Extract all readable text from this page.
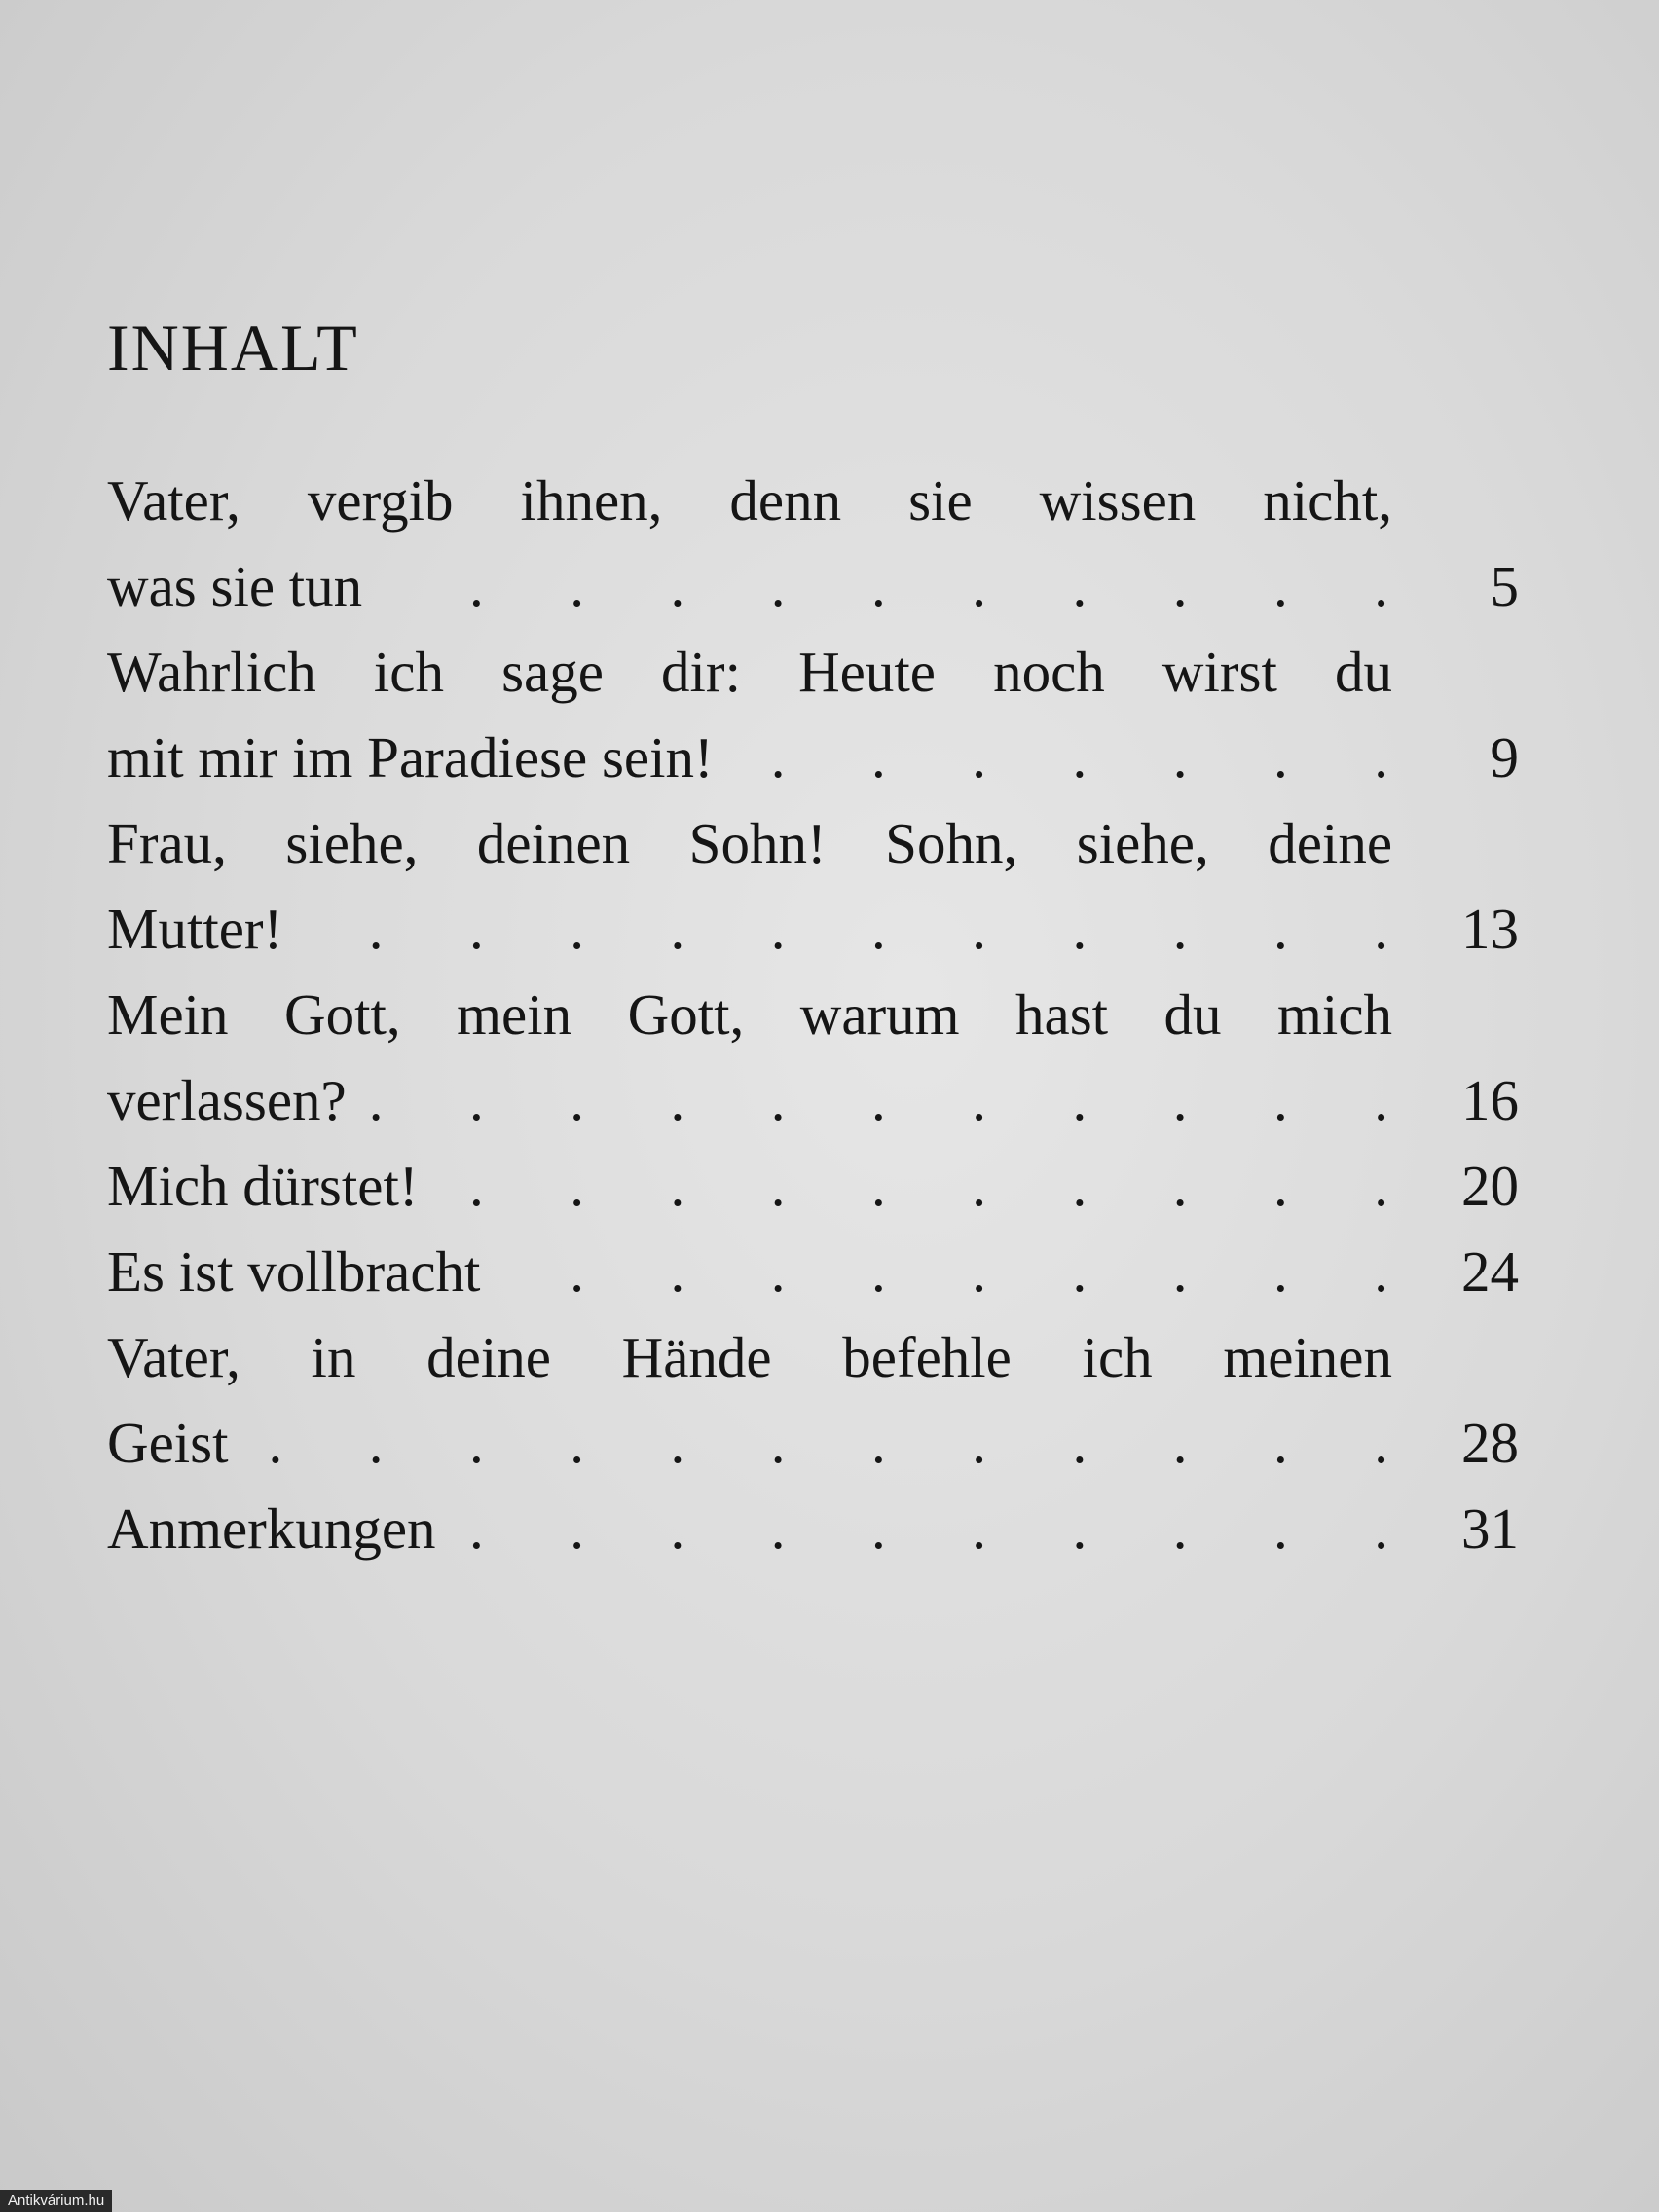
INHALT
Vater, vergib ihnen, denn sie wissen nicht,
was sie tun .	5
Wahrlich ich sage dir: Heute noch wirst du
mit mir im Paradiese sein! .	9
Frau, siehe, deinen Sohn! Sohn, siehe, deine
Mutter! .	13
Mein Gott, mein Gott, warum hast du mich
verlassen? .	16
Mich dürstet! .	20
Es ist vollbracht .	24
Vater, in deine Hände befehle ich meinen
Geist .	28
Anmerkungen .	31
Antikvárium.hu
